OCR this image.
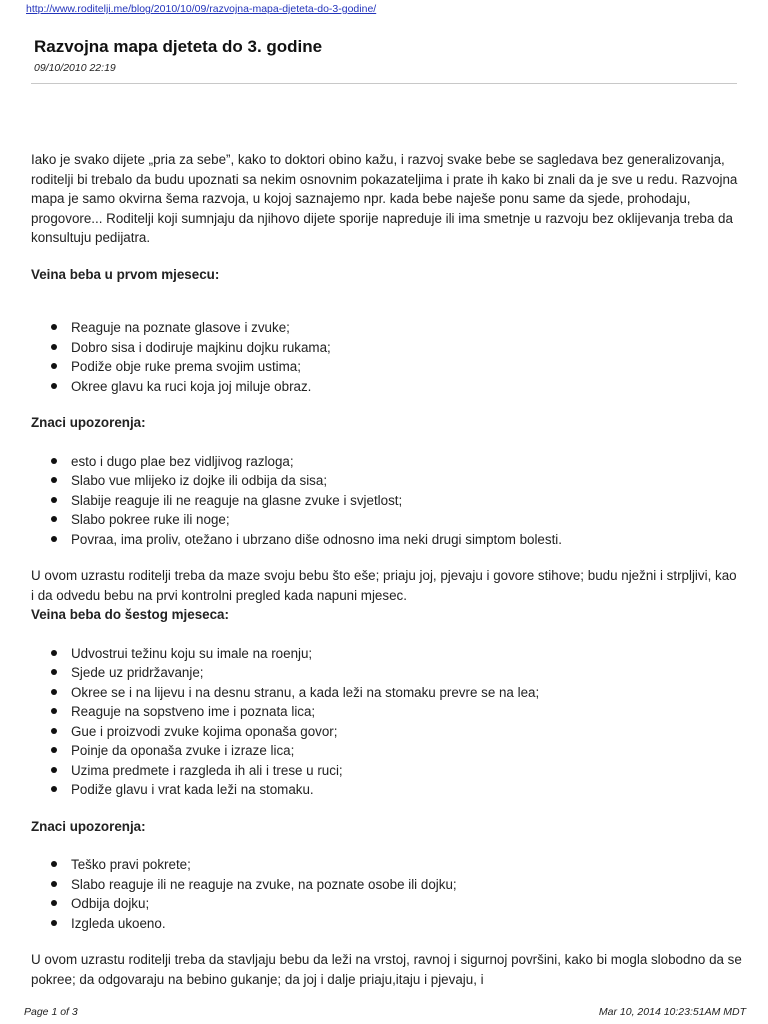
http://www.roditelji.me/blog/2010/10/09/razvojna-mapa-djeteta-do-3-godine/
Razvojna mapa djeteta do 3. godine
09/10/2010 22:19

Iako je svako dijete „pria za sebe”, kako to doktori obino kažu, i razvoj svake bebe se sagledava bez generalizovanja, roditelji bi trebalo da budu upoznati sa nekim osnovnim pokazateljima i prate ih kako bi znali da je sve u redu. Razvojna mapa je samo okvirna šema razvoja, u kojoj saznajemo npr. kada bebe naješe ponu same da sjede, prohodaju, progovore... Roditelji koji sumnjaju da njihovo dijete sporije napreduje ili ima smetnje u razvoju bez oklijevanja treba da konsultuju pedijatra.

Veina beba u prvom mjesecu:

Reaguje na poznate glasove i zvuke;
Dobro sisa i dodiruje majkinu dojku rukama;
Podiže obje ruke prema svojim ustima;
Okree glavu ka ruci koja joj miluje obraz.

Znaci upozorenja:

esto i dugo plae bez vidljivog razloga;
Slabo vue mlijeko iz dojke ili odbija da sisa;
Slabije reaguje ili ne reaguje na glasne zvuke i svjetlost;
Slabo pokree ruke ili noge;
Povraa, ima proliv, otežano i ubrzano diše odnosno ima neki drugi simptom bolesti.

U ovom uzrastu roditelji treba da maze svoju bebu što eše; priaju joj, pjevaju i govore stihove; budu nježni i strpljivi, kao i da odvedu bebu na prvi kontrolni pregled kada napuni mjesec.

Veina beba do šestog mjeseca:

Udvostrui težinu koju su imale na roenju;
Sjede uz pridržavanje;
Okree se i na lijevu i na desnu stranu, a kada leži na stomaku prevre se na lea;
Reaguje na sopstveno ime i poznata lica;
Gue i proizvodi zvuke kojima oponaša govor;
Poinje da oponaša zvuke i izraze lica;
Uzima predmete i razgleda ih ali i trese u ruci;
Podiže glavu i vrat kada leži na stomaku.

Znaci upozorenja:

Teško pravi pokrete;
Slabo reaguje ili ne reaguje na zvuke, na poznate osobe ili dojku;
Odbija dojku;
Izgleda ukoeno.

U ovom uzrastu roditelji treba da stavljaju bebu da leži na vrstoj, ravnoj i sigurnoj površini, kako bi mogla slobodno da se pokree; da odgovaraju na bebino gukanje; da joj i dalje priaju,itaju i pjevaju, i

Page 1 of 3	Mar 10, 2014 10:23:51AM MDT
